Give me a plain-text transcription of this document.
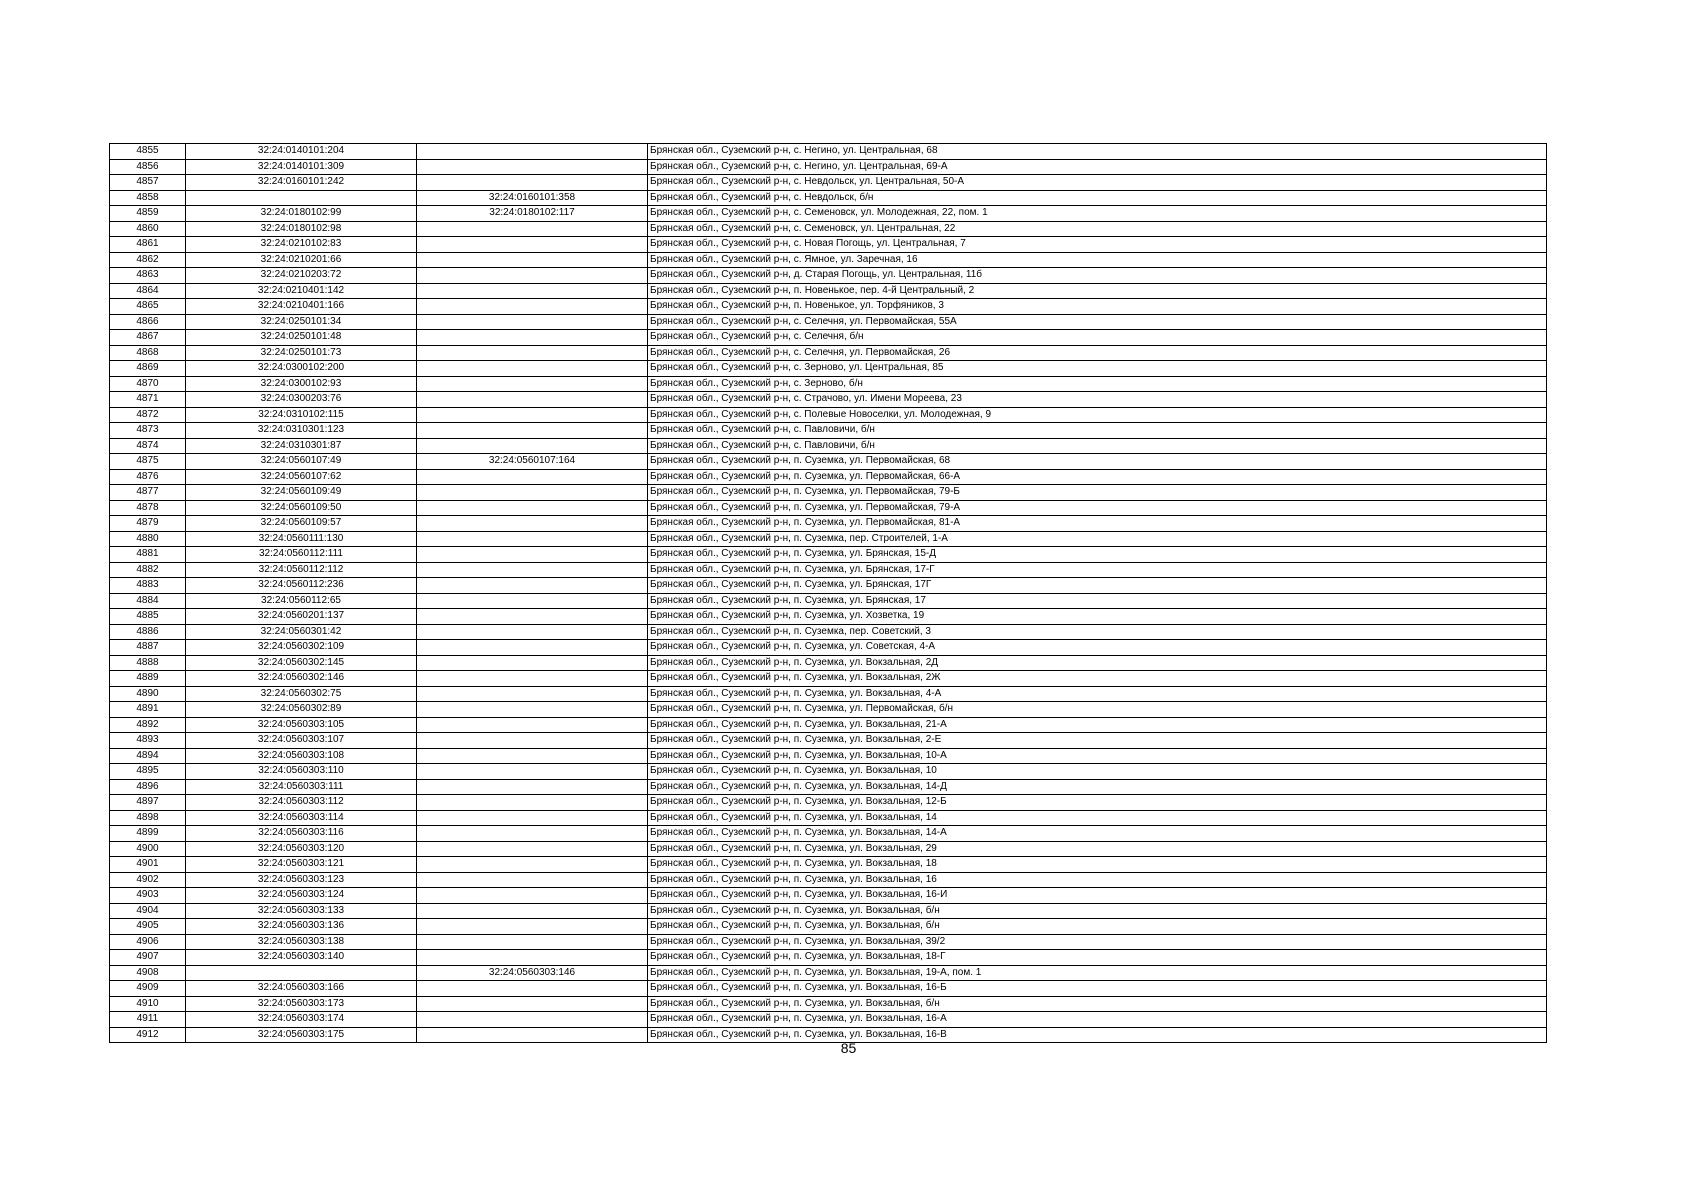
4855	32:24:0140101:204		Брянская обл., Суземский р-н, с. Негино, ул. Центральная, 68
4856	32:24:0140101:309		Брянская обл., Суземский р-н, с. Негино, ул. Центральная, 69-А
4857	32:24:0160101:242		Брянская обл., Суземский р-н, с. Невдольск, ул. Центральная, 50-А
4858		32:24:0160101:358	Брянская обл., Суземский р-н, с. Невдольск, б/н
4859	32:24:0180102:99	32:24:0180102:117	Брянская обл., Суземский р-н, с. Семеновск, ул. Молодежная, 22, пом. 1
4860	32:24:0180102:98		Брянская обл., Суземский р-н, с. Семеновск, ул. Центральная, 22
4861	32:24:0210102:83		Брянская обл., Суземский р-н, с. Новая Погощь, ул. Центральная, 7
4862	32:24:0210201:66		Брянская обл., Суземский р-н, с. Ямное, ул. Заречная, 16
4863	32:24:0210203:72		Брянская обл., Суземский р-н, д. Старая Погощь, ул. Центральная, 11б
4864	32:24:0210401:142		Брянская обл., Суземский р-н, п. Новенькое, пер. 4-й Центральный, 2
4865	32:24:0210401:166		Брянская обл., Суземский р-н, п. Новенькое, ул. Торфяников, 3
4866	32:24:0250101:34		Брянская обл., Суземский р-н, с. Селечня, ул. Первомайская, 55А
4867	32:24:0250101:48		Брянская обл., Суземский р-н, с. Селечня, б/н
4868	32:24:0250101:73		Брянская обл., Суземский р-н, с. Селечня, ул. Первомайская, 26
4869	32:24:0300102:200		Брянская обл., Суземский р-н, с. Зерново, ул. Центральная, 85
4870	32:24:0300102:93		Брянская обл., Суземский р-н, с. Зерново, б/н
4871	32:24:0300203:76		Брянская обл., Суземский р-н, с. Страчово, ул. Имени Мореева, 23
4872	32:24:0310102:115		Брянская обл., Суземский р-н, с. Полевые Новоселки, ул. Молодежная, 9
4873	32:24:0310301:123		Брянская обл., Суземский р-н, с. Павловичи, б/н
4874	32:24:0310301:87		Брянская обл., Суземский р-н, с. Павловичи, б/н
4875	32:24:0560107:49	32:24:0560107:164	Брянская обл., Суземский р-н, п. Суземка, ул. Первомайская, 68
4876	32:24:0560107:62		Брянская обл., Суземский р-н, п. Суземка, ул. Первомайская, 66-А
4877	32:24:0560109:49		Брянская обл., Суземский р-н, п. Суземка, ул. Первомайская, 79-Б
4878	32:24:0560109:50		Брянская обл., Суземский р-н, п. Суземка, ул. Первомайская, 79-А
4879	32:24:0560109:57		Брянская обл., Суземский р-н, п. Суземка, ул. Первомайская, 81-А
4880	32:24:0560111:130		Брянская обл., Суземский р-н, п. Суземка, пер. Строителей, 1-А
4881	32:24:0560112:111		Брянская обл., Суземский р-н, п. Суземка, ул. Брянская, 15-Д
4882	32:24:0560112:112		Брянская обл., Суземский р-н, п. Суземка, ул. Брянская, 17-Г
4883	32:24:0560112:236		Брянская обл., Суземский р-н, п. Суземка, ул. Брянская, 17Г
4884	32:24:0560112:65		Брянская обл., Суземский р-н, п. Суземка, ул. Брянская, 17
4885	32:24:0560201:137		Брянская обл., Суземский р-н, п. Суземка, ул. Хозветка, 19
4886	32:24:0560301:42		Брянская обл., Суземский р-н, п. Суземка, пер. Советский, 3
4887	32:24:0560302:109		Брянская обл., Суземский р-н, п. Суземка, ул. Советская, 4-А
4888	32:24:0560302:145		Брянская обл., Суземский р-н, п. Суземка, ул. Вокзальная, 2Д
4889	32:24:0560302:146		Брянская обл., Суземский р-н, п. Суземка, ул. Вокзальная, 2Ж
4890	32:24:0560302:75		Брянская обл., Суземский р-н, п. Суземка, ул. Вокзальная, 4-А
4891	32:24:0560302:89		Брянская обл., Суземский р-н, п. Суземка, ул. Первомайская, б/н
4892	32:24:0560303:105		Брянская обл., Суземский р-н, п. Суземка, ул. Вокзальная, 21-А
4893	32:24:0560303:107		Брянская обл., Суземский р-н, п. Суземка, ул. Вокзальная, 2-Е
4894	32:24:0560303:108		Брянская обл., Суземский р-н, п. Суземка, ул. Вокзальная, 10-А
4895	32:24:0560303:110		Брянская обл., Суземский р-н, п. Суземка, ул. Вокзальная, 10
4896	32:24:0560303:111		Брянская обл., Суземский р-н, п. Суземка, ул. Вокзальная, 14-Д
4897	32:24:0560303:112		Брянская обл., Суземский р-н, п. Суземка, ул. Вокзальная, 12-Б
4898	32:24:0560303:114		Брянская обл., Суземский р-н, п. Суземка, ул. Вокзальная, 14
4899	32:24:0560303:116		Брянская обл., Суземский р-н, п. Суземка, ул. Вокзальная, 14-А
4900	32:24:0560303:120		Брянская обл., Суземский р-н, п. Суземка, ул. Вокзальная, 29
4901	32:24:0560303:121		Брянская обл., Суземский р-н, п. Суземка, ул. Вокзальная, 18
4902	32:24:0560303:123		Брянская обл., Суземский р-н, п. Суземка, ул. Вокзальная, 16
4903	32:24:0560303:124		Брянская обл., Суземский р-н, п. Суземка, ул. Вокзальная, 16-И
4904	32:24:0560303:133		Брянская обл., Суземский р-н, п. Суземка, ул. Вокзальная, б/н
4905	32:24:0560303:136		Брянская обл., Суземский р-н, п. Суземка, ул. Вокзальная, б/н
4906	32:24:0560303:138		Брянская обл., Суземский р-н, п. Суземка, ул. Вокзальная, 39/2
4907	32:24:0560303:140		Брянская обл., Суземский р-н, п. Суземка, ул. Вокзальная, 18-Г
4908		32:24:0560303:146	Брянская обл., Суземский р-н, п. Суземка, ул. Вокзальная, 19-А, пом. 1
4909	32:24:0560303:166		Брянская обл., Суземский р-н, п. Суземка, ул. Вокзальная, 16-Б
4910	32:24:0560303:173		Брянская обл., Суземский р-н, п. Суземка, ул. Вокзальная, б/н
4911	32:24:0560303:174		Брянская обл., Суземский р-н, п. Суземка, ул. Вокзальная, 16-А
4912	32:24:0560303:175		Брянская обл., Суземский р-н, п. Суземка, ул. Вокзальная, 16-В
85
